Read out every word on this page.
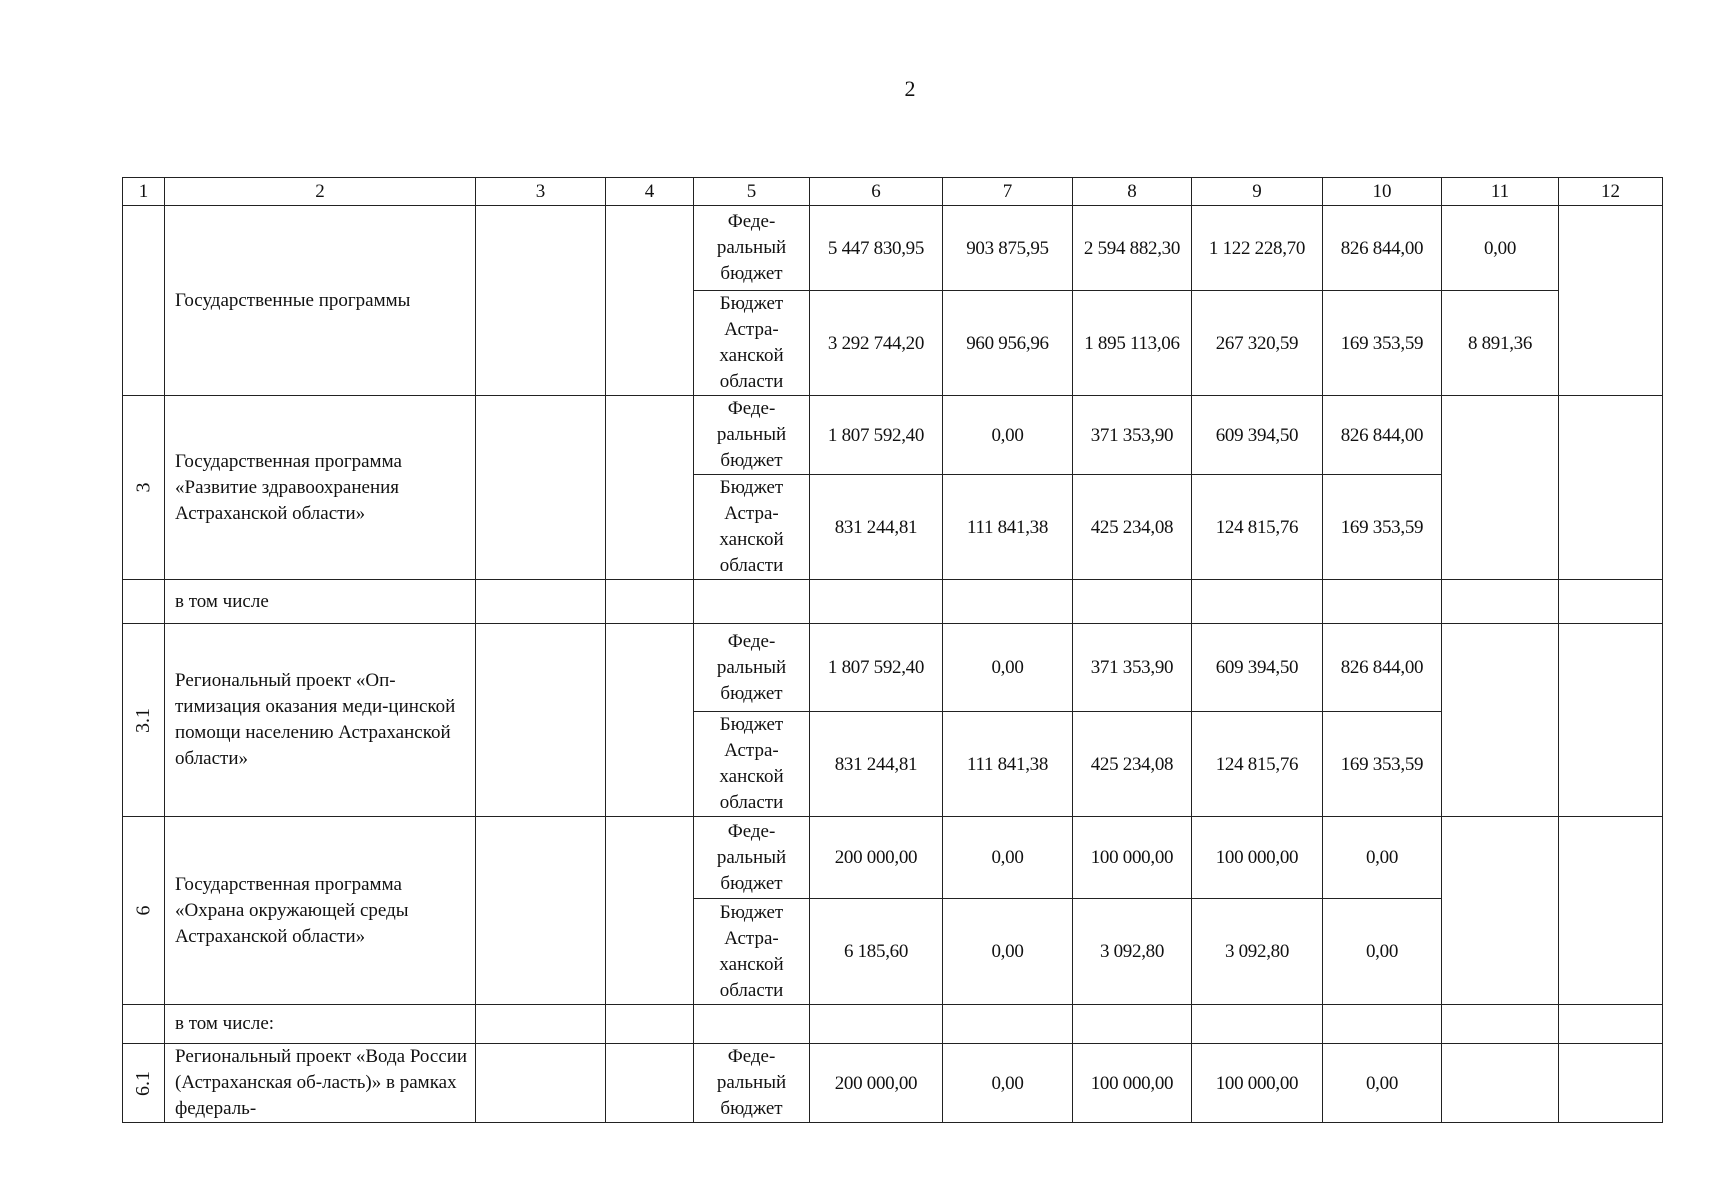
2
1	2	3	4	5	6	7	8	9	10	11	12
	Государственные программы			Феде-ральный бюджет	5 447 830,95	903 875,95	2 594 882,30	1 122 228,70	826 844,00	0,00	
				Бюджет Астра-ханской области	3 292 744,20	960 956,96	1 895 113,06	267 320,59	169 353,59	8 891,36	
3	Государственная программа «Развитие здравоохранения Астраханской области»			Феде-ральный бюджет	1 807 592,40	0,00	371 353,90	609 394,50	826 844,00		
				Бюджет Астра-ханской области	831 244,81	111 841,38	425 234,08	124 815,76	169 353,59		
	в том числе										
3.1	Региональный проект «Оп-тимизация оказания меди-цинской помощи населению Астраханской области»			Феде-ральный бюджет	1 807 592,40	0,00	371 353,90	609 394,50	826 844,00		
				Бюджет Астра-ханской области	831 244,81	111 841,38	425 234,08	124 815,76	169 353,59		
6	Государственная программа «Охрана окружающей среды Астраханской области»			Феде-ральный бюджет	200 000,00	0,00	100 000,00	100 000,00	0,00		
				Бюджет Астра-ханской области	6 185,60	0,00	3 092,80	3 092,80	0,00		
	в том числе:										
6.1	Региональный проект «Вода России (Астраханская об-ласть)» в рамках федераль-			Феде-ральный бюджет	200 000,00	0,00	100 000,00	100 000,00	0,00		
